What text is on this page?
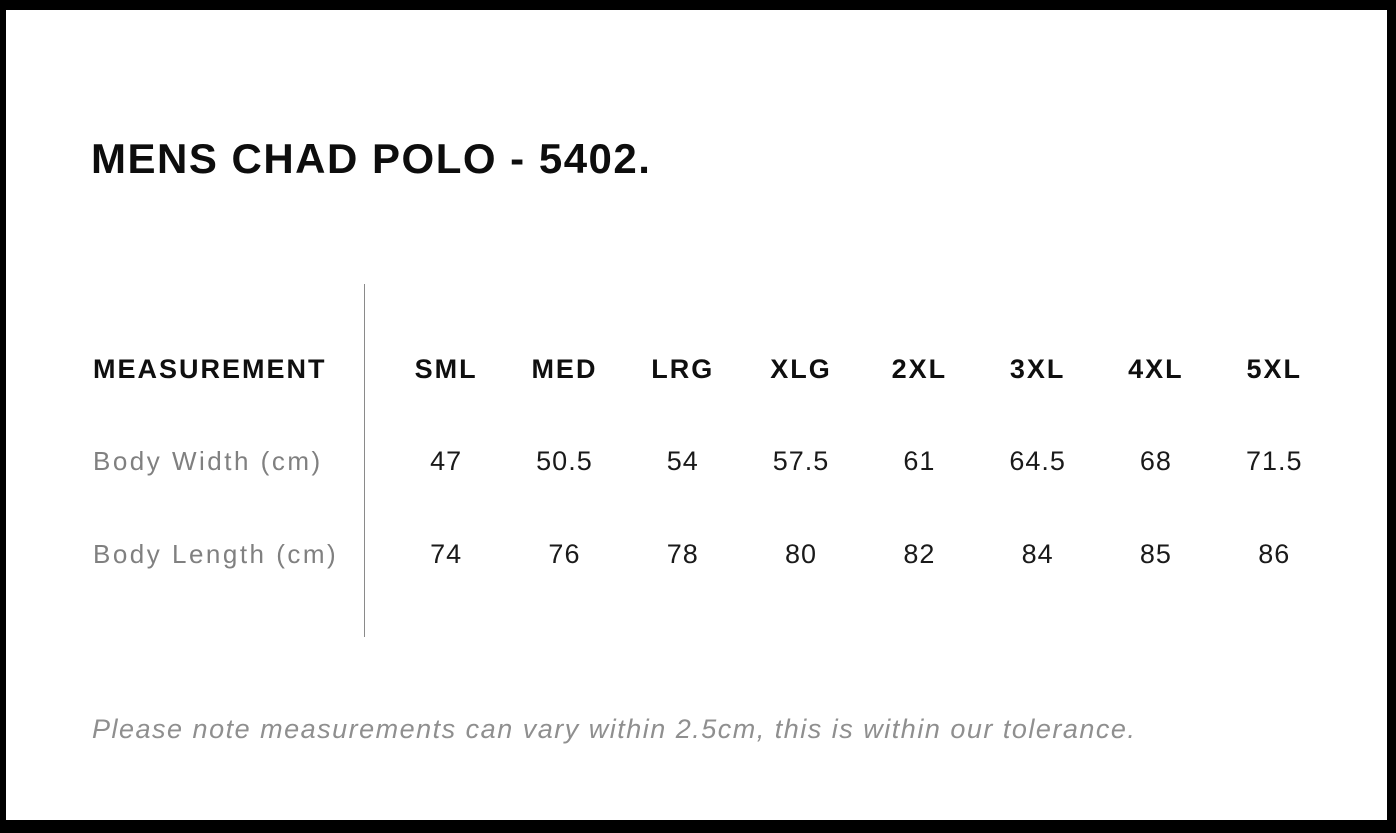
MENS CHAD POLO - 5402.
MEASUREMENT	SML	MED	LRG	XLG	2XL	3XL	4XL	5XL
Body Width (cm)	47	50.5	54	57.5	61	64.5	68	71.5
Body Length (cm)	74	76	78	80	82	84	85	86
Please note measurements can vary within 2.5cm, this is within our tolerance.
